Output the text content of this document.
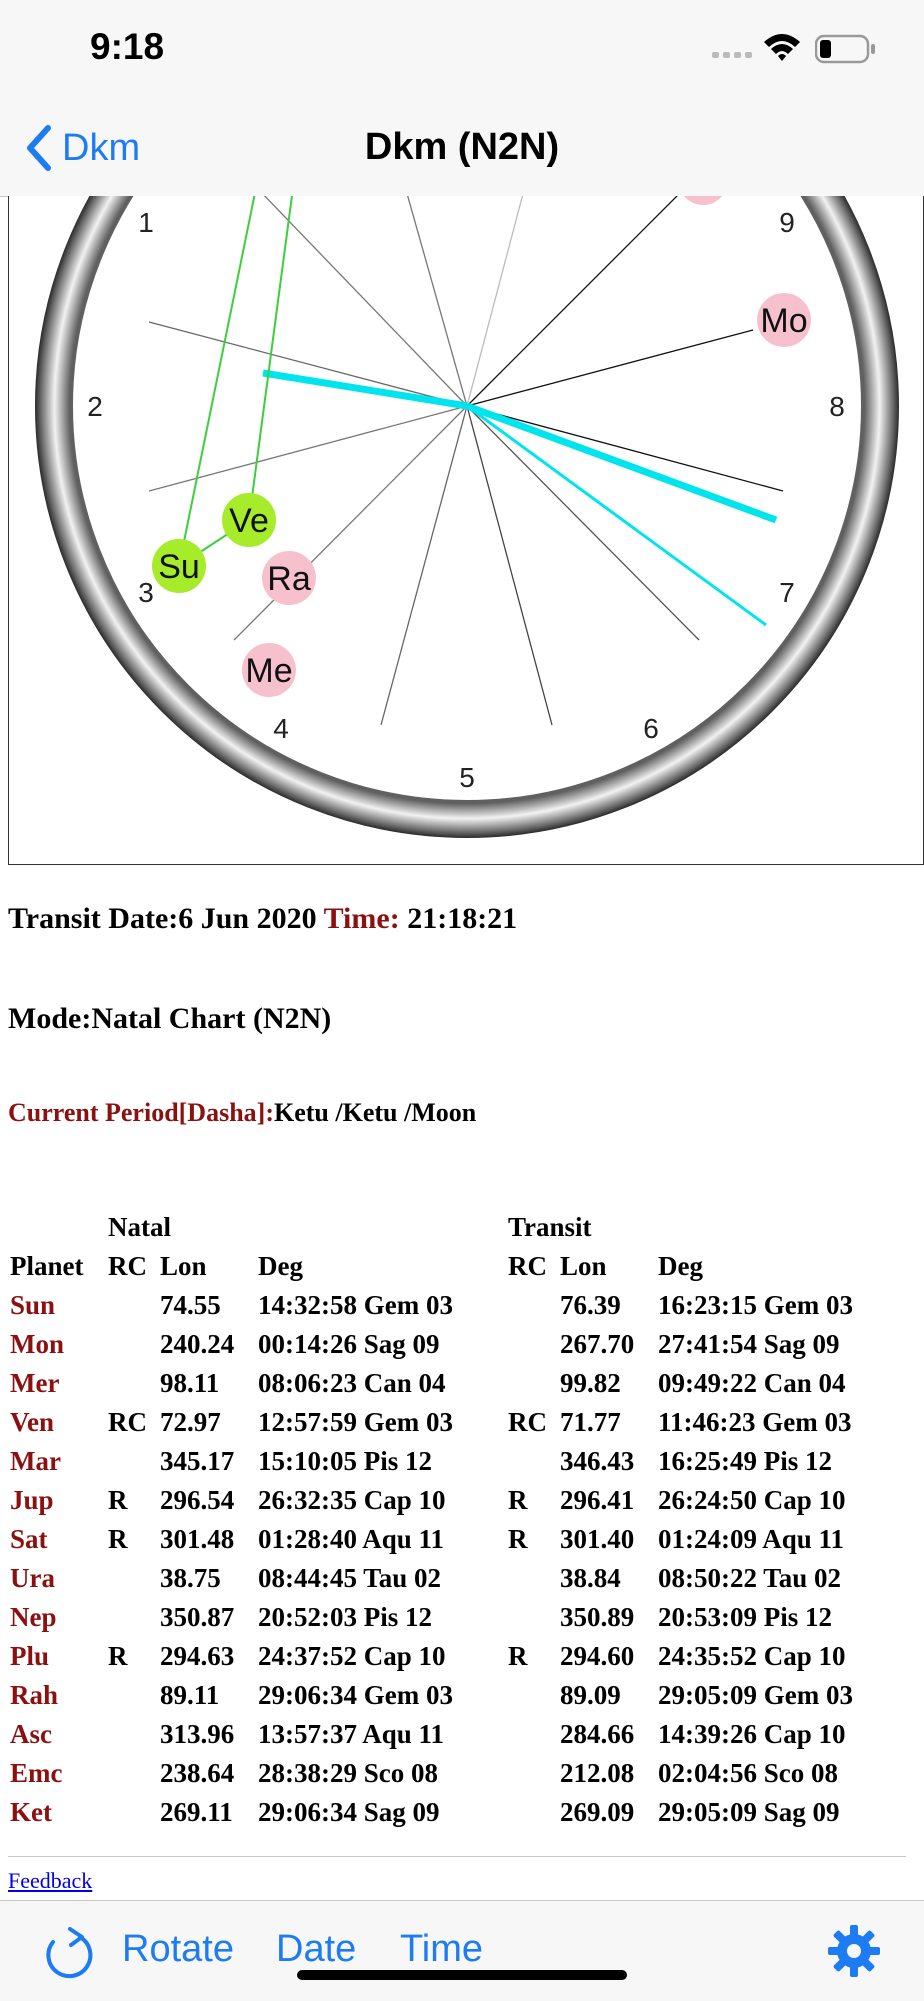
9:18
Dkm	Dkm (N2N)
1
2
3
4
5
6
7
8
9
Mo
Ve
Su Ra
Me
Transit Date:6 Jun 2020 Time: 21:18:21
Mode:Natal Chart (N2N)
Current Period[Dasha]:Ketu /Ketu /Moon
Natal	Transit
Planet RC Lon Deg	RC Lon Deg
Sun	74.55 14:32:58 Gem 03	76.39 16:23:15 Gem 03
Mon	240.24 00:14:26 Sag 09	267.70 27:41:54 Sag 09
Mer	98.11 08:06:23 Can 04	99.82 09:49:22 Can 04
Ven RC 72.97 12:57:59 Gem 03 RC 71.77 11:46:23 Gem 03
Mar	345.17 15:10:05 Pis 12	346.43 16:25:49 Pis 12
Jup R 296.54 26:32:35 Cap 10 R 296.41 26:24:50 Cap 10
Sat R 301.48 01:28:40 Aqu 11 R 301.40 01:24:09 Aqu 11
Ura	38.75 08:44:45 Tau 02	38.84 08:50:22 Tau 02
Nep	350.87 20:52:03 Pis 12	350.89 20:53:09 Pis 12
Plu R 294.63 24:37:52 Cap 10 R 294.60 24:35:52 Cap 10
Rah	89.11 29:06:34 Gem 03	89.09 29:05:09 Gem 03
Asc	313.96 13:57:37 Aqu 11	284.66 14:39:26 Cap 10
Emc	238.64 28:38:29 Sco 08	212.08 02:04:56 Sco 08
Ket	269.11 29:06:34 Sag 09	269.09 29:05:09 Sag 09
Feedback
Rotate Date Time
